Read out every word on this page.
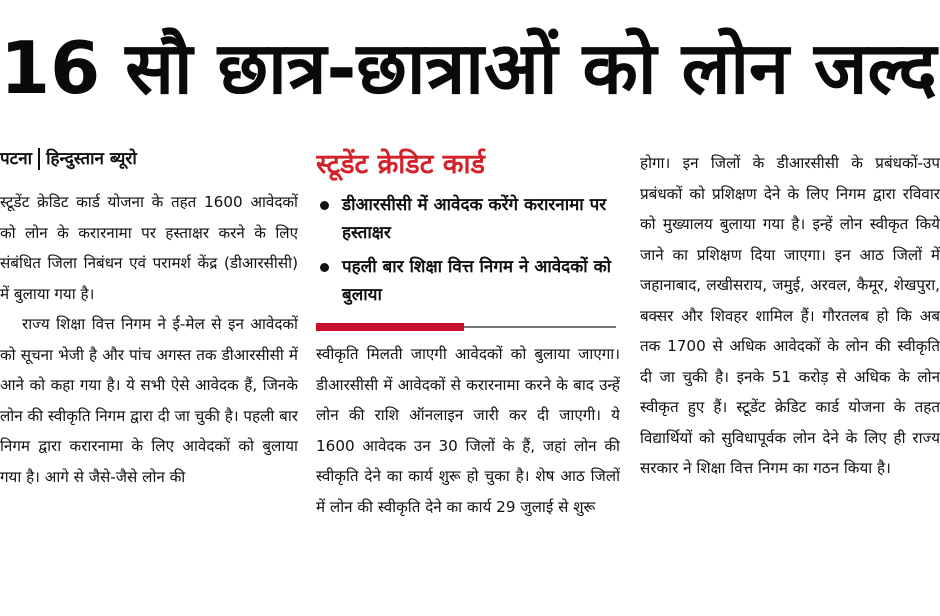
16 सौ छात्र-छात्राओं को लोन जल्द
पटना हिन्दुस्तान ब्यूरो
स्टूडेंट क्रेडिट कार्ड योजना के तहत 1600 आवेदकों को लोन के करारनामा पर हस्ताक्षर करने के लिए संबंधित जिला निबंधन एवं परामर्श केंद्र (डीआरसीसी) में बुलाया गया है।
राज्य शिक्षा वित्त निगम ने ई-मेल से इन आवेदकों को सूचना भेजी है और पांच अगस्त तक डीआरसीसी में आने को कहा गया है। ये सभी ऐसे आवेदक हैं, जिनके लोन की स्वीकृति निगम द्वारा दी जा चुकी है। पहली बार निगम द्वारा करारनामा के लिए आवेदकों को बुलाया गया है। आगे से जैसे-जैसे लोन की
स्टूडेंट क्रेडिट कार्ड
डीआरसीसी में आवेदक करेंगे करारनामा पर हस्ताक्षर
पहली बार शिक्षा वित्त निगम ने आवेदकों को बुलाया
स्वीकृति मिलती जाएगी आवेदकों को बुलाया जाएगा। डीआरसीसी में आवेदकों से करारनामा करने के बाद उन्हें लोन की राशि ऑनलाइन जारी कर दी जाएगी। ये 1600 आवेदक उन 30 जिलों के हैं, जहां लोन की स्वीकृति देने का कार्य शुरू हो चुका है। शेष आठ जिलों में लोन की स्वीकृति देने का कार्य 29 जुलाई से शुरू
होगा। इन जिलों के डीआरसीसी के प्रबंधकों-उप प्रबंधकों को प्रशिक्षण देने के लिए निगम द्वारा रविवार को मुख्यालय बुलाया गया है। इन्हें लोन स्वीकृत किये जाने का प्रशिक्षण दिया जाएगा। इन आठ जिलों में जहानाबाद, लखीसराय, जमुई, अरवल, कैमूर, शेखपुरा, बक्सर और शिवहर शामिल हैं। गौरतलब हो कि अब तक 1700 से अधिक आवेदकों के लोन की स्वीकृति दी जा चुकी है। इनके 51 करोड़ से अधिक के लोन स्वीकृत हुए हैं। स्टूडेंट क्रेडिट कार्ड योजना के तहत विद्यार्थियों को सुविधापूर्वक लोन देने के लिए ही राज्य सरकार ने शिक्षा वित्त निगम का गठन किया है।
